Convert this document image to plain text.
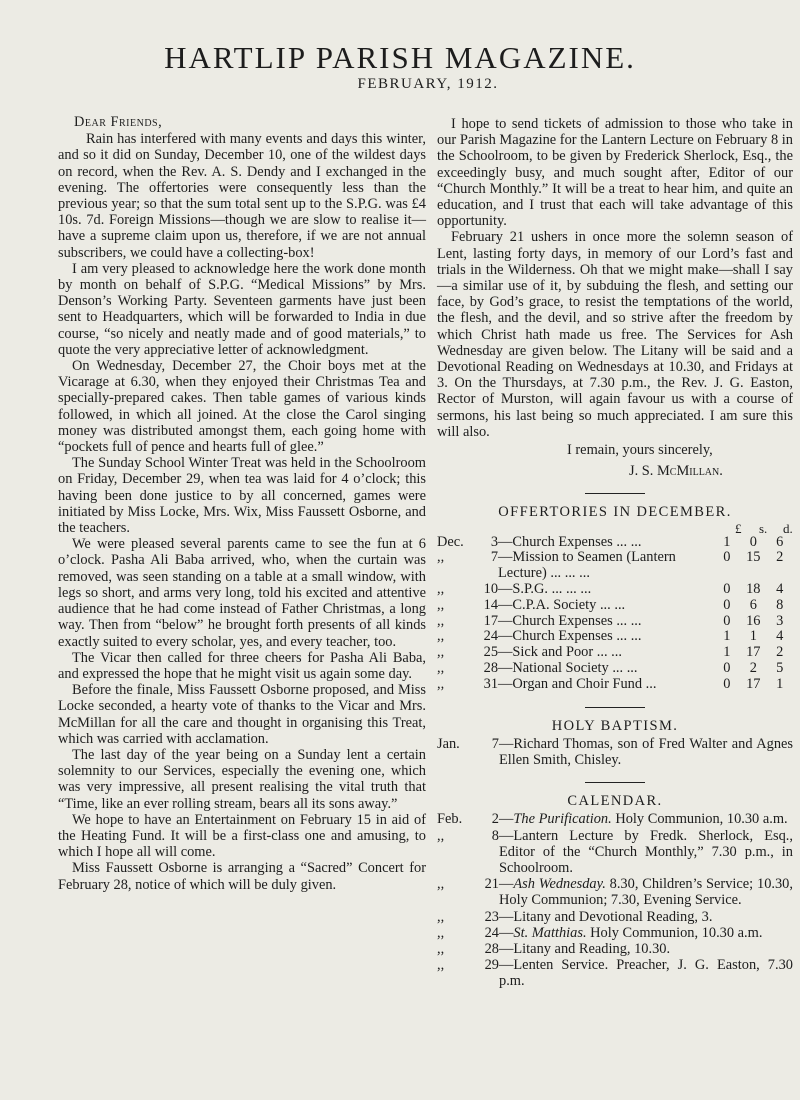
HARTLIP PARISH MAGAZINE.
FEBRUARY, 1912.

Dear Friends,

Rain has interfered with many events and days this winter, and so it did on Sunday, December 10, one of the wildest days on record, when the Rev. A. S. Dendy and I exchanged in the evening. The offertories were consequently less than the previous year; so that the sum total sent up to the S.P.G. was £4 10s. 7d. Foreign Missions—though we are slow to realise it—have a supreme claim upon us, therefore, if we are not annual subscribers, we could have a collecting-box!

I am very pleased to acknowledge here the work done month by month on behalf of S.P.G. “Medical Missions” by Mrs. Denson’s Working Party. Seventeen garments have just been sent to Headquarters, which will be forwarded to India in due course, “so nicely and neatly made and of good materials,” to quote the very appreciative letter of acknowledgment.

On Wednesday, December 27, the Choir boys met at the Vicarage at 6.30, when they enjoyed their Christmas Tea and specially-prepared cakes. Then table games of various kinds followed, in which all joined. At the close the Carol singing money was distributed amongst them, each going home with “pockets full of pence and hearts full of glee.”

The Sunday School Winter Treat was held in the Schoolroom on Friday, December 29, when tea was laid for 4 o’clock; this having been done justice to by all concerned, games were initiated by Miss Locke, Mrs. Wix, Miss Faussett Osborne, and the teachers.

We were pleased several parents came to see the fun at 6 o’clock. Pasha Ali Baba arrived, who, when the curtain was removed, was seen standing on a table at a small window, with legs so short, and arms very long, told his excited and attentive audience that he had come instead of Father Christmas, a long way. Then from “below” he brought forth presents of all kinds exactly suited to every scholar, yes, and every teacher, too.

The Vicar then called for three cheers for Pasha Ali Baba, and expressed the hope that he might visit us again some day.

Before the finale, Miss Faussett Osborne proposed, and Miss Locke seconded, a hearty vote of thanks to the Vicar and Mrs. McMillan for all the care and thought in organising this Treat, which was carried with acclamation.

The last day of the year being on a Sunday lent a certain solemnity to our Services, especially the evening one, which was very impressive, all present realising the vital truth that “Time, like an ever rolling stream, bears all its sons away.”

We hope to have an Entertainment on February 15 in aid of the Heating Fund. It will be a first-class one and amusing, to which I hope all will come.

Miss Faussett Osborne is arranging a “Sacred” Concert for February 28, notice of which will be duly given.

I hope to send tickets of admission to those who take in our Parish Magazine for the Lantern Lecture on February 8 in the Schoolroom, to be given by Frederick Sherlock, Esq., the exceedingly busy, and much sought after, Editor of our “Church Monthly.” It will be a treat to hear him, and quite an education, and I trust that each will take advantage of this opportunity.

February 21 ushers in once more the solemn season of Lent, lasting forty days, in memory of our Lord’s fast and trials in the Wilderness. Oh that we might make—shall I say—a similar use of it, by subduing the flesh, and setting our face, by God’s grace, to resist the temptations of the world, the flesh, and the devil, and so strive after the freedom by which Christ hath made us free. The Services for Ash Wednesday are given below. The Litany will be said and a Devotional Reading on Wednesdays at 10.30, and Fridays at 3. On the Thursdays, at 7.30 p.m., the Rev. J. G. Easton, Rector of Murston, will again favour us with a course of sermons, his last being so much appreciated. I am sure this will also.

I remain, yours sincerely,

J. S. McMillan.

OFFERTORIES IN DECEMBER.
£ s. d.
Dec.	3	—Church Expenses ... ...	1	0	6
,,	7	—Mission to Seamen (Lantern Lecture) ... ... ...	0	15	2
,,	10	—S.P.G. ... ... ...	0	18	4
,,	14	—C.P.A. Society ... ...	0	6	8
,,	17	—Church Expenses ... ...	0	16	3
,,	24	—Church Expenses ... ...	1	1	4
,,	25	—Sick and Poor ... ...	1	17	2
,,	28	—National Society ... ...	0	2	5
,,	31	—Organ and Choir Fund ...	0	17	1
HOLY BAPTISM.
Jan.	7	—Richard Thomas, son of Fred Walter and Agnes Ellen Smith, Chisley.
CALENDAR.
Feb.	2	—The Purification. Holy Communion, 10.30 a.m.
,,	8	—Lantern Lecture by Fredk. Sherlock, Esq., Editor of the “Church Monthly,” 7.30 p.m., in Schoolroom.
,,	21	—Ash Wednesday. 8.30, Children’s Service; 10.30, Holy Communion; 7.30, Evening Service.
,,	23	—Litany and Devotional Reading, 3.
,,	24	—St. Matthias. Holy Communion, 10.30 a.m.
,,	28	—Litany and Reading, 10.30.
,,	29	—Lenten Service. Preacher, J. G. Easton, 7.30 p.m.
